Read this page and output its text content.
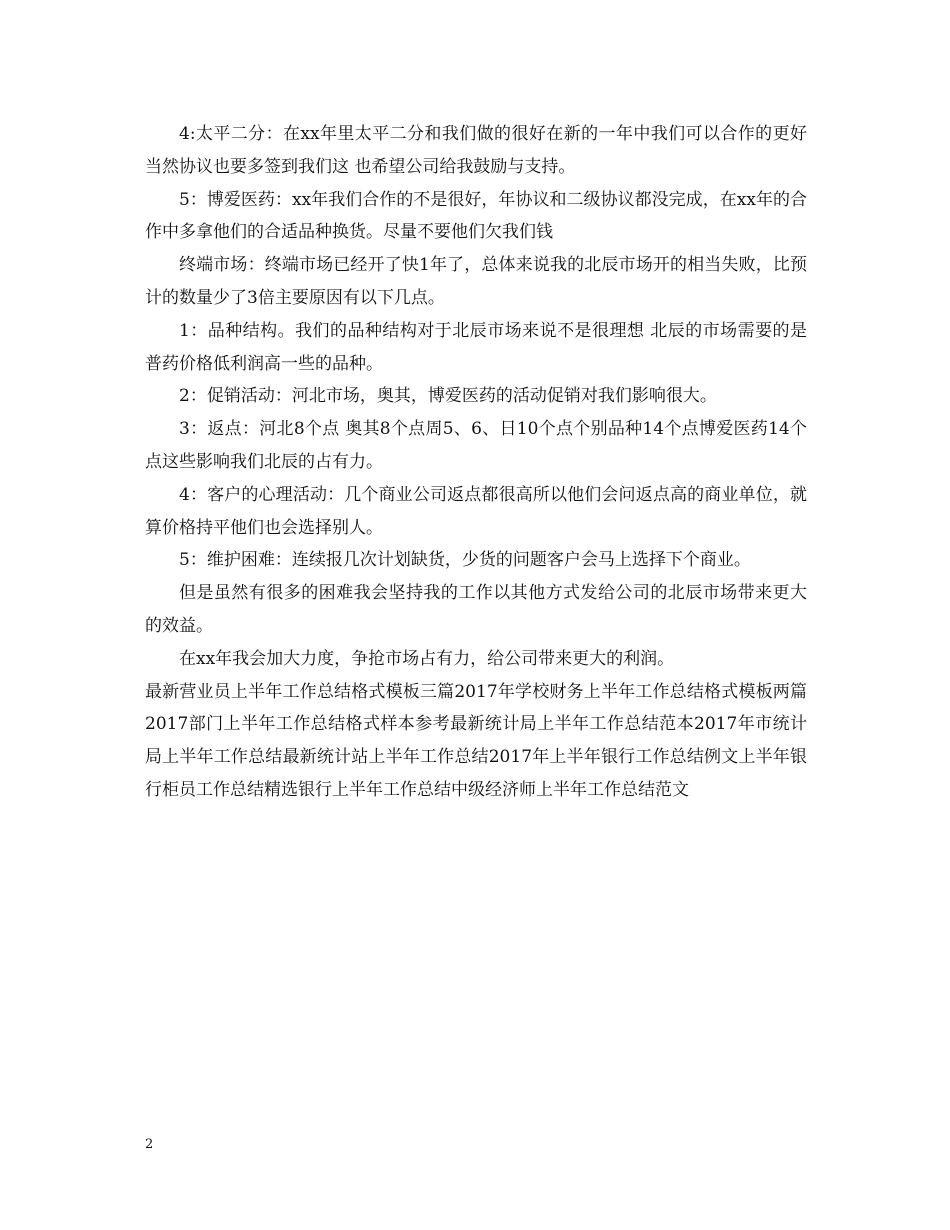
4:太平二分：在xx年里太平二分和我们做的很好在新的一年中我们可以合作的更好当然协议也要多签到我们这 也希望公司给我鼓励与支持。

5：博爱医药：xx年我们合作的不是很好，年协议和二级协议都没完成，在xx年的合作中多拿他们的合适品种换货。尽量不要他们欠我们钱

终端市场：终端市场已经开了快1年了，总体来说我的北辰市场开的相当失败，比预计的数量少了3倍主要原因有以下几点。

1：品种结构。我们的品种结构对于北辰市场来说不是很理想 北辰的市场需要的是普药价格低利润高一些的品种。

2：促销活动：河北市场，奥其，博爱医药的活动促销对我们影响很大。

3：返点：河北8个点 奥其8个点周5、6、日10个点个别品种14个点博爱医药14个点这些影响我们北辰的占有力。

4：客户的心理活动：几个商业公司返点都很高所以他们会问返点高的商业单位，就算价格持平他们也会选择别人。

5：维护困难：连续报几次计划缺货，少货的问题客户会马上选择下个商业。

但是虽然有很多的困难我会坚持我的工作以其他方式发给公司的北辰市场带来更大的效益。

在xx年我会加大力度，争抢市场占有力，给公司带来更大的利润。

最新营业员上半年工作总结格式模板三篇2017年学校财务上半年工作总结格式模板两篇2017部门上半年工作总结格式样本参考最新统计局上半年工作总结范本2017年市统计局上半年工作总结最新统计站上半年工作总结2017年上半年银行工作总结例文上半年银行柜员工作总结精选银行上半年工作总结中级经济师上半年工作总结范文

2
